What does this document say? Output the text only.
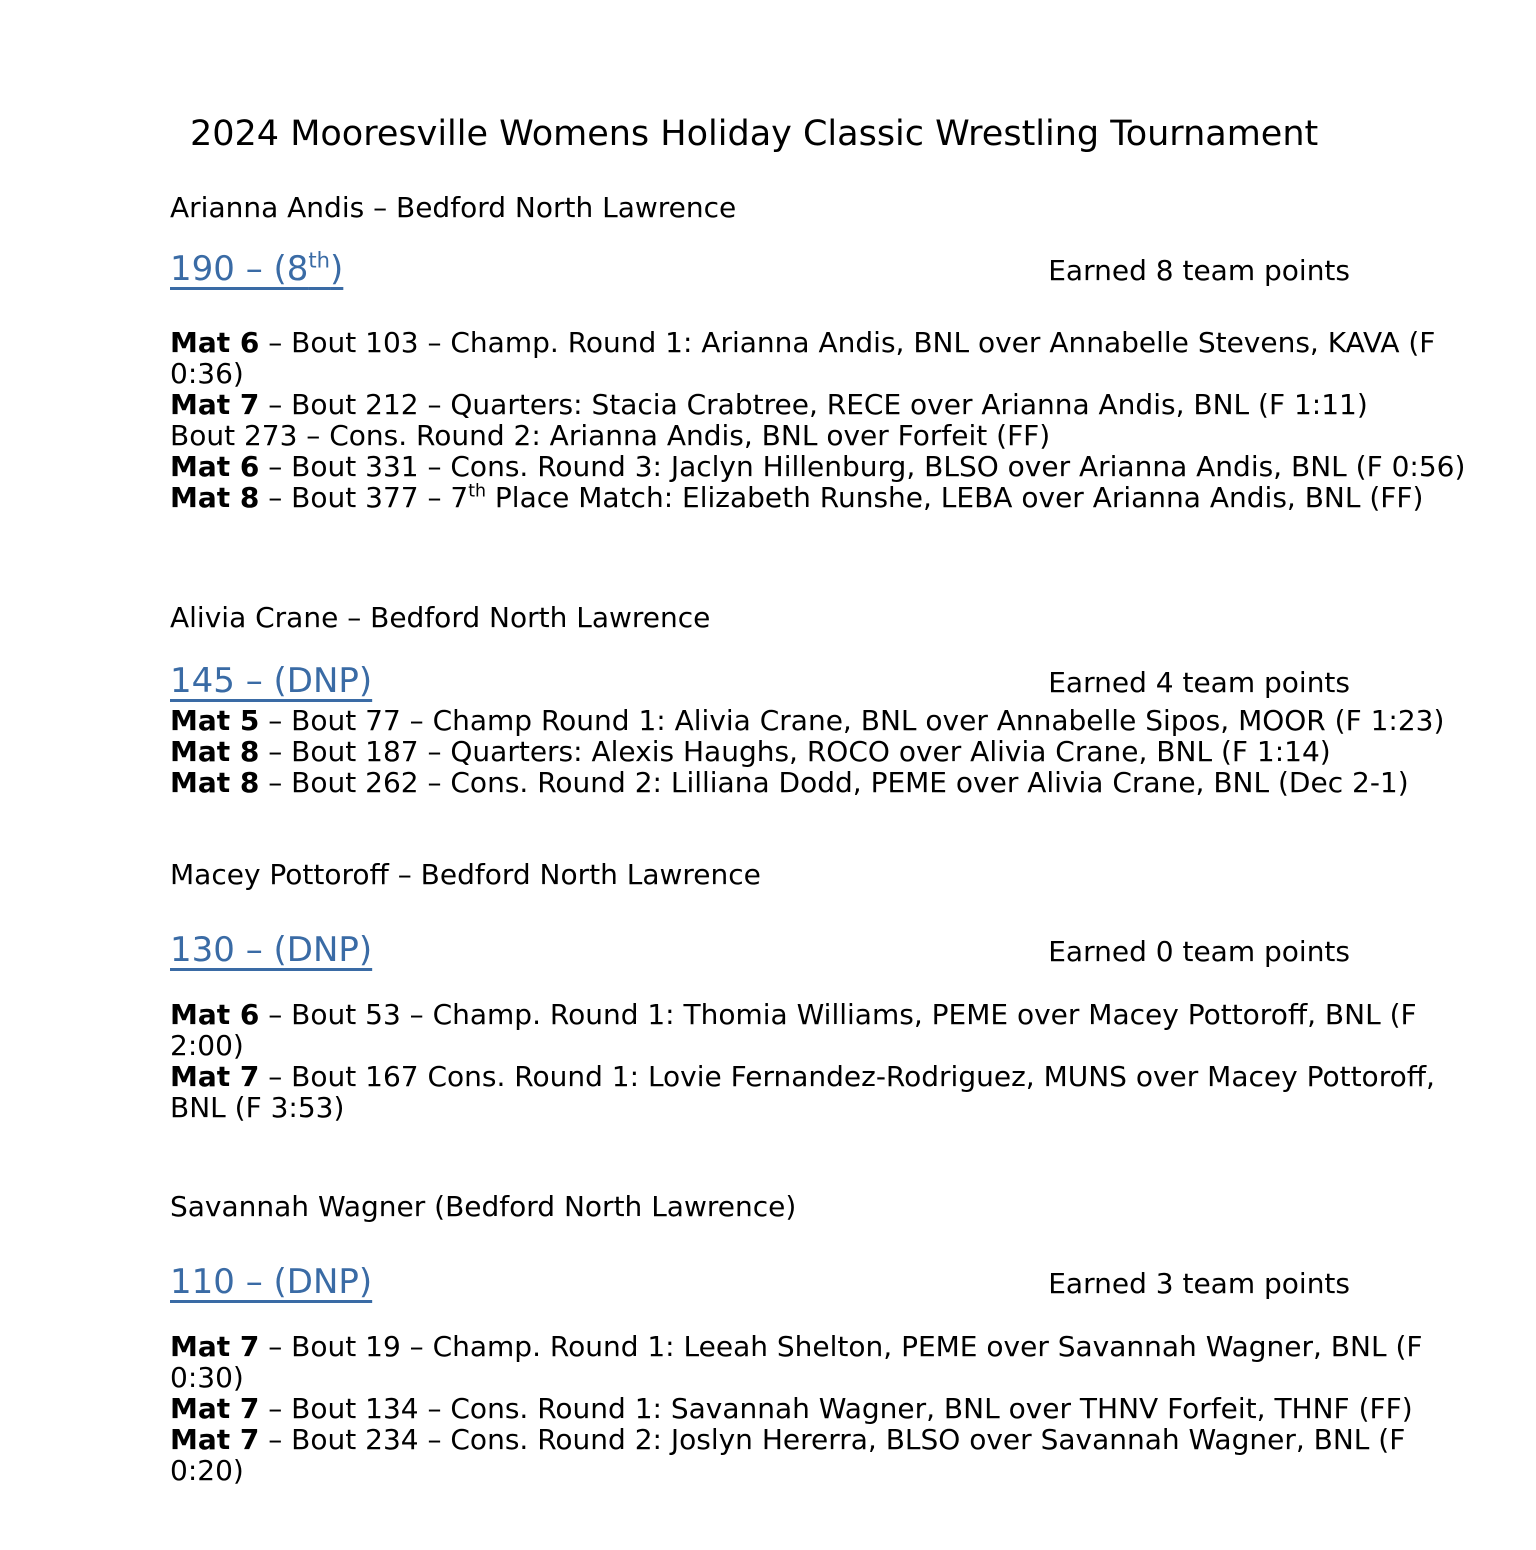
2024 Mooresville Womens Holiday Classic Wrestling Tournament
Arianna Andis – Bedford North Lawrence
190 – (8th)	Earned 8 team points
Mat 6 – Bout 103 – Champ. Round 1: Arianna Andis, BNL over Annabelle Stevens, KAVA (F
0:36)
Mat 7 – Bout 212 – Quarters: Stacia Crabtree, RECE over Arianna Andis, BNL (F 1:11)
Bout 273 – Cons. Round 2: Arianna Andis, BNL over Forfeit (FF)
Mat 6 – Bout 331 – Cons. Round 3: Jaclyn Hillenburg, BLSO over Arianna Andis, BNL (F 0:56)
Mat 8 – Bout 377 – 7th Place Match: Elizabeth Runshe, LEBA over Arianna Andis, BNL (FF)
Alivia Crane – Bedford North Lawrence
145 – (DNP)	Earned 4 team points
Mat 5 – Bout 77 – Champ Round 1: Alivia Crane, BNL over Annabelle Sipos, MOOR (F 1:23)
Mat 8 – Bout 187 – Quarters: Alexis Haughs, ROCO over Alivia Crane, BNL (F 1:14)
Mat 8 – Bout 262 – Cons. Round 2: Lilliana Dodd, PEME over Alivia Crane, BNL (Dec 2-1)
Macey Pottoroff – Bedford North Lawrence
130 – (DNP)	Earned 0 team points
Mat 6 – Bout 53 – Champ. Round 1: Thomia Williams, PEME over Macey Pottoroff, BNL (F
2:00)
Mat 7 – Bout 167 Cons. Round 1: Lovie Fernandez-Rodriguez, MUNS over Macey Pottoroff,
BNL (F 3:53)
Savannah Wagner (Bedford North Lawrence)
110 – (DNP)	Earned 3 team points
Mat 7 – Bout 19 – Champ. Round 1: Leeah Shelton, PEME over Savannah Wagner, BNL (F
0:30)
Mat 7 – Bout 134 – Cons. Round 1: Savannah Wagner, BNL over THNV Forfeit, THNF (FF)
Mat 7 – Bout 234 – Cons. Round 2: Joslyn Hererra, BLSO over Savannah Wagner, BNL (F
0:20)
